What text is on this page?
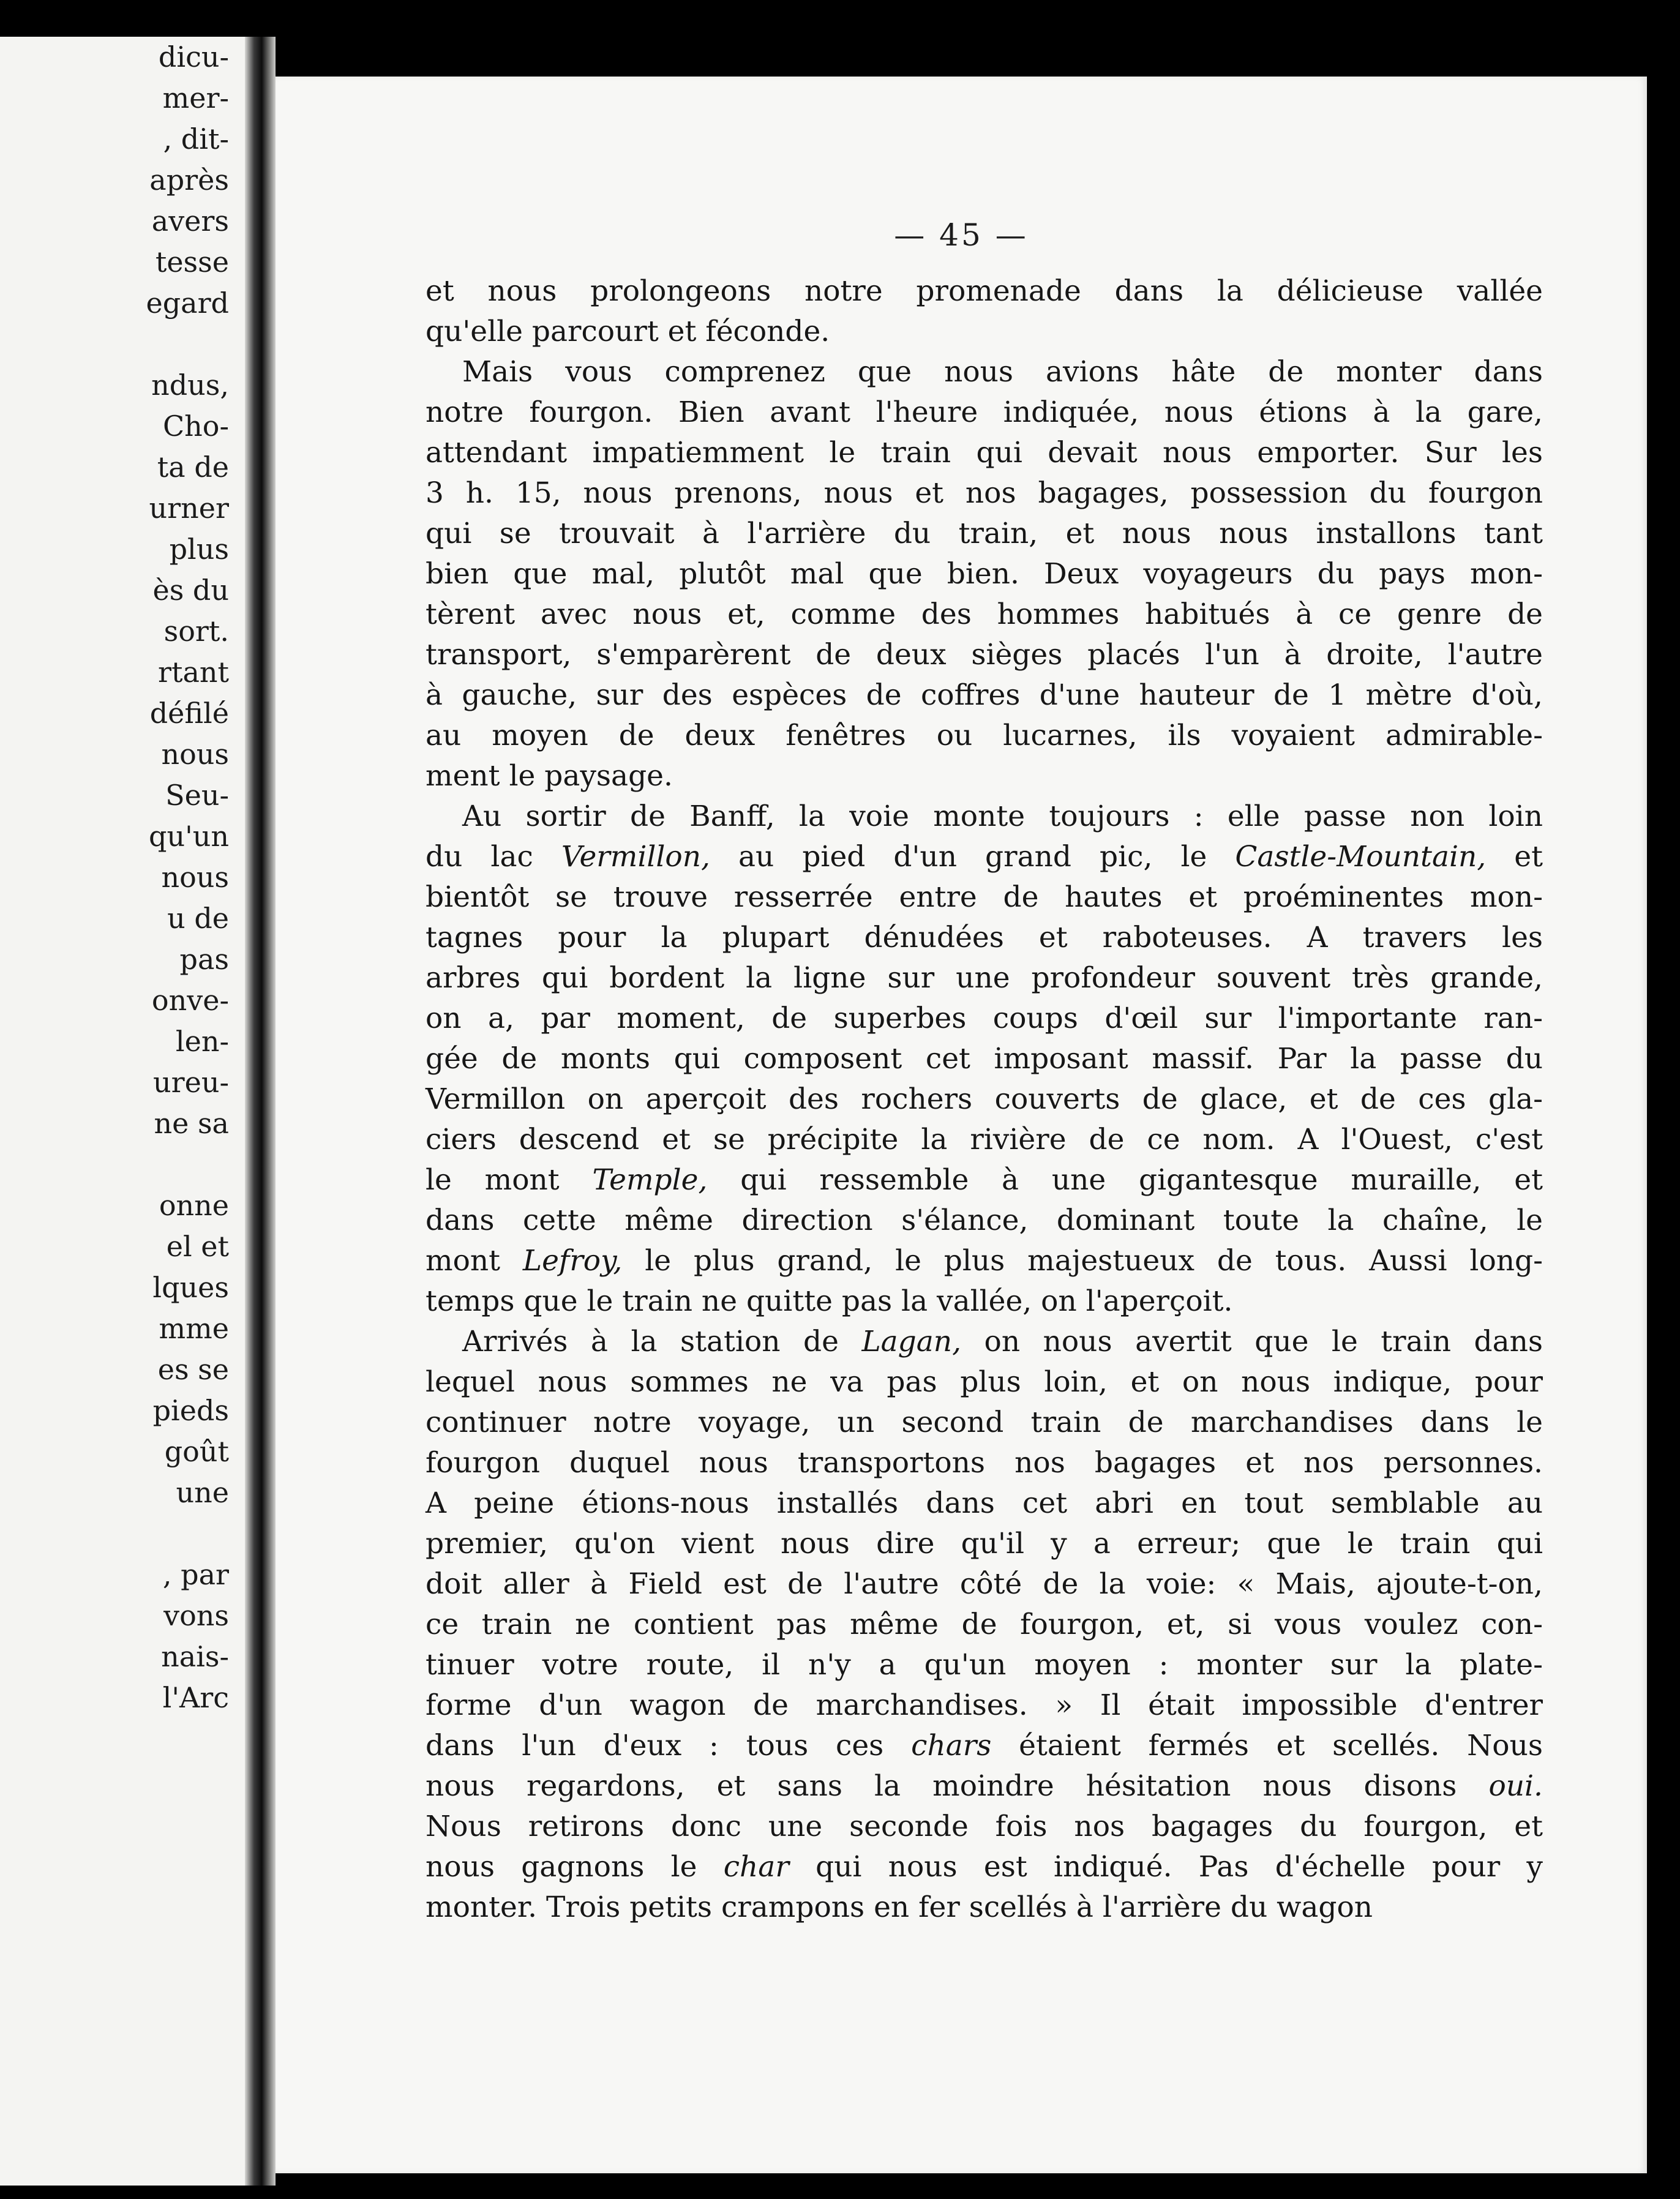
dicu-
mer-
, dit-
après
avers
tesse
egard
ndus,
Cho-
ta de
urner
plus
ès du
sort.
rtant
défilé
nous
Seu-
qu'un
nous
u de
pas
onve-
len-
ureu-
ne sa
onne
el et
lques
mme
es se
pieds
goût
une
, par
vons
nais-
l'Arc
— 45 —
et nous prolongeons notre promenade dans la délicieuse vallée
qu'elle parcourt et féconde.
Mais vous comprenez que nous avions hâte de monter dans
notre fourgon. Bien avant l'heure indiquée, nous étions à la gare,
attendant impatiemment le train qui devait nous emporter. Sur les
3 h. 15, nous prenons, nous et nos bagages, possession du fourgon
qui se trouvait à l'arrière du train, et nous nous installons tant
bien que mal, plutôt mal que bien. Deux voyageurs du pays mon-
tèrent avec nous et, comme des hommes habitués à ce genre de
transport, s'emparèrent de deux sièges placés l'un à droite, l'autre
à gauche, sur des espèces de coffres d'une hauteur de 1 mètre d'où,
au moyen de deux fenêtres ou lucarnes, ils voyaient admirable-
ment le paysage.
Au sortir de Banff, la voie monte toujours : elle passe non loin
du lac Vermillon, au pied d'un grand pic, le Castle-Mountain, et
bientôt se trouve resserrée entre de hautes et proéminentes mon-
tagnes pour la plupart dénudées et raboteuses. A travers les
arbres qui bordent la ligne sur une profondeur souvent très grande,
on a, par moment, de superbes coups d'œil sur l'importante ran-
gée de monts qui composent cet imposant massif. Par la passe du
Vermillon on aperçoit des rochers couverts de glace, et de ces gla-
ciers descend et se précipite la rivière de ce nom. A l'Ouest, c'est
le mont Temple, qui ressemble à une gigantesque muraille, et
dans cette même direction s'élance, dominant toute la chaîne, le
mont Lefroy, le plus grand, le plus majestueux de tous. Aussi long-
temps que le train ne quitte pas la vallée, on l'aperçoit.
Arrivés à la station de Lagan, on nous avertit que le train dans
lequel nous sommes ne va pas plus loin, et on nous indique, pour
continuer notre voyage, un second train de marchandises dans le
fourgon duquel nous transportons nos bagages et nos personnes.
A peine étions-nous installés dans cet abri en tout semblable au
premier, qu'on vient nous dire qu'il y a erreur; que le train qui
doit aller à Field est de l'autre côté de la voie: « Mais, ajoute-t-on,
ce train ne contient pas même de fourgon, et, si vous voulez con-
tinuer votre route, il n'y a qu'un moyen : monter sur la plate-
forme d'un wagon de marchandises. » Il était impossible d'entrer
dans l'un d'eux : tous ces chars étaient fermés et scellés. Nous
nous regardons, et sans la moindre hésitation nous disons oui.
Nous retirons donc une seconde fois nos bagages du fourgon, et
nous gagnons le char qui nous est indiqué. Pas d'échelle pour y
monter. Trois petits crampons en fer scellés à l'arrière du wagon
